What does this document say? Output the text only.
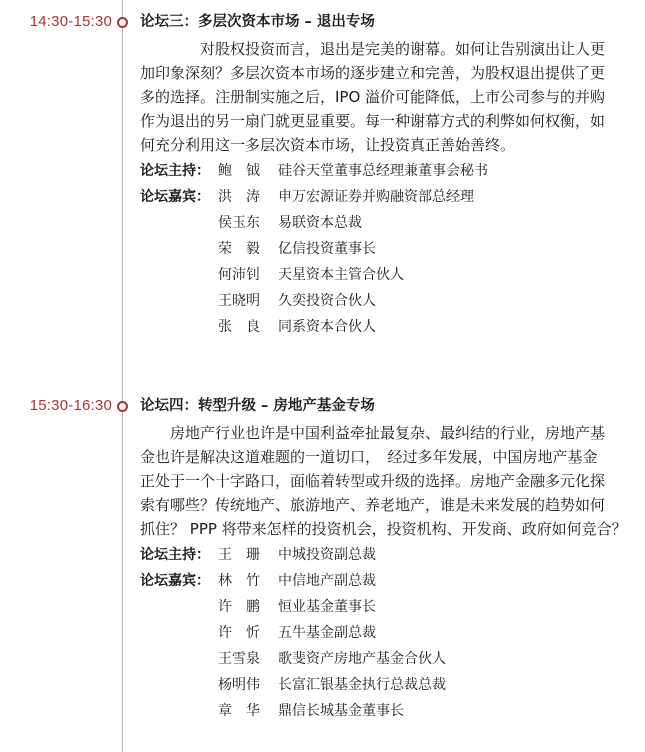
14:30-15:30 论坛三：多层次资本市场 – 退出专场
　　　　对股权投资而言，退出是完美的谢幕。如何让告别演出让人更
加印象深刻？多层次资本市场的逐步建立和完善，为股权退出提供了更
多的选择。注册制实施之后，IPO 溢价可能降低，上市公司参与的并购
作为退出的另一扇门就更显重要。每一种谢幕方式的利弊如何权衡，如
何充分利用这一多层次资本市场，让投资真正善始善终。
论坛主持： 鲍　钺	硅谷天堂董事总经理兼董事会秘书
论坛嘉宾： 洪　涛	申万宏源证券并购融资部总经理
侯玉东	易联资本总裁
荣　毅	亿信投资董事长
何沛钊	天星资本主管合伙人
王晓明	久奕投资合伙人
张　良	同系资本合伙人
15:30-16:30 论坛四：转型升级 – 房地产基金专场
　　房地产行业也许是中国利益牵扯最复杂、最纠结的行业，房地产基
金也许是解决这道难题的一道切口，　经过多年发展，中国房地产基金
正处于一个十字路口，面临着转型或升级的选择。房地产金融多元化探
索有哪些？传统地产、旅游地产、养老地产，谁是未来发展的趋势如何
抓住？ PPP 将带来怎样的投资机会，投资机构、开发商、政府如何竞合？
论坛主持： 王　珊	中城投资副总裁
论坛嘉宾： 林　竹	中信地产副总裁
许　鹏	恒业基金董事长
许　忻	五牛基金副总裁
王雪泉	歌斐资产房地产基金合伙人
杨明伟	长富汇银基金执行总裁总裁
章　华	鼎信长城基金董事长
